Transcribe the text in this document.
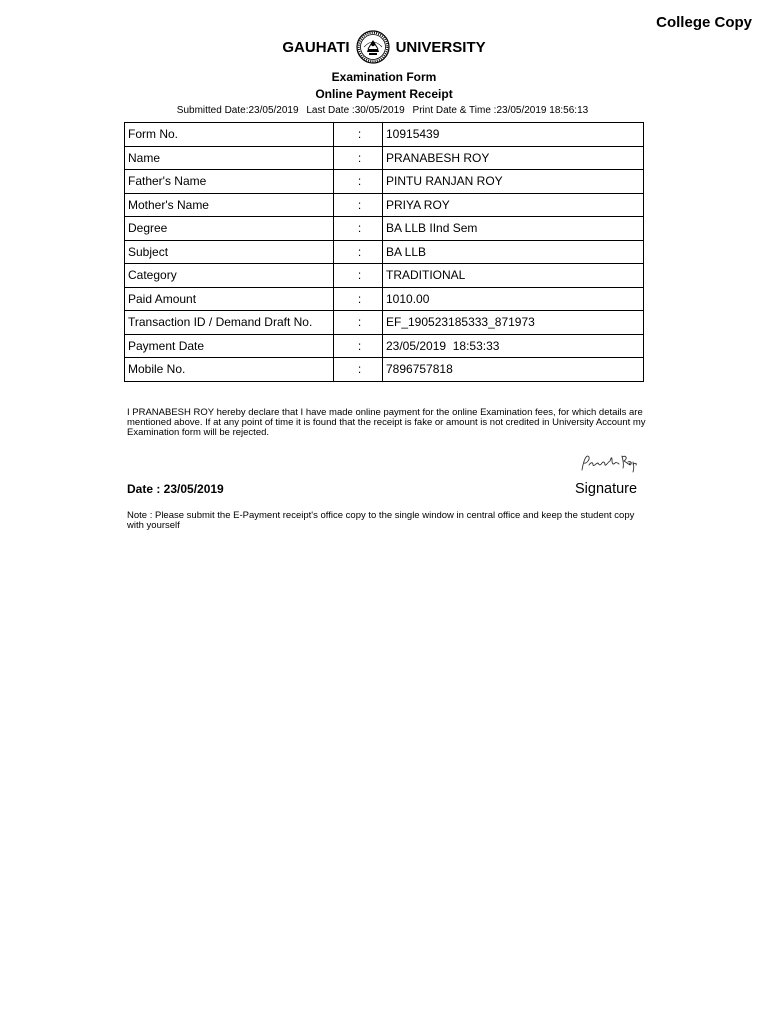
College Copy
GAUHATI	UNIVERSITY
Examination Form
Online Payment Receipt
Submitted Date:23/05/2019 Last Date :30/05/2019 Print Date & Time :23/05/2019 18:56:13
Form No.	:	10915439
Name	:	PRANABESH ROY
Father's Name	:	PINTU RANJAN ROY
Mother's Name	:	PRIYA ROY
Degree	:	BA LLB IInd Sem
Subject	:	BA LLB
Category	:	TRADITIONAL
Paid Amount	:	1010.00
Transaction ID / Demand Draft No.	:	EF_190523185333_871973
Payment Date	:	23/05/2019  18:53:33
Mobile No.	:	7896757818
I PRANABESH ROY hereby declare that I have made online payment for the online Examination fees, for which details are mentioned above. If at any point of time it is found that the receipt is fake or amount is not credited in University Account my Examination form will be rejected.
Date : 23/05/2019	Signature
Note : Please submit the E-Payment receipt's office copy to the single window in central office and keep the student copy with yourself
